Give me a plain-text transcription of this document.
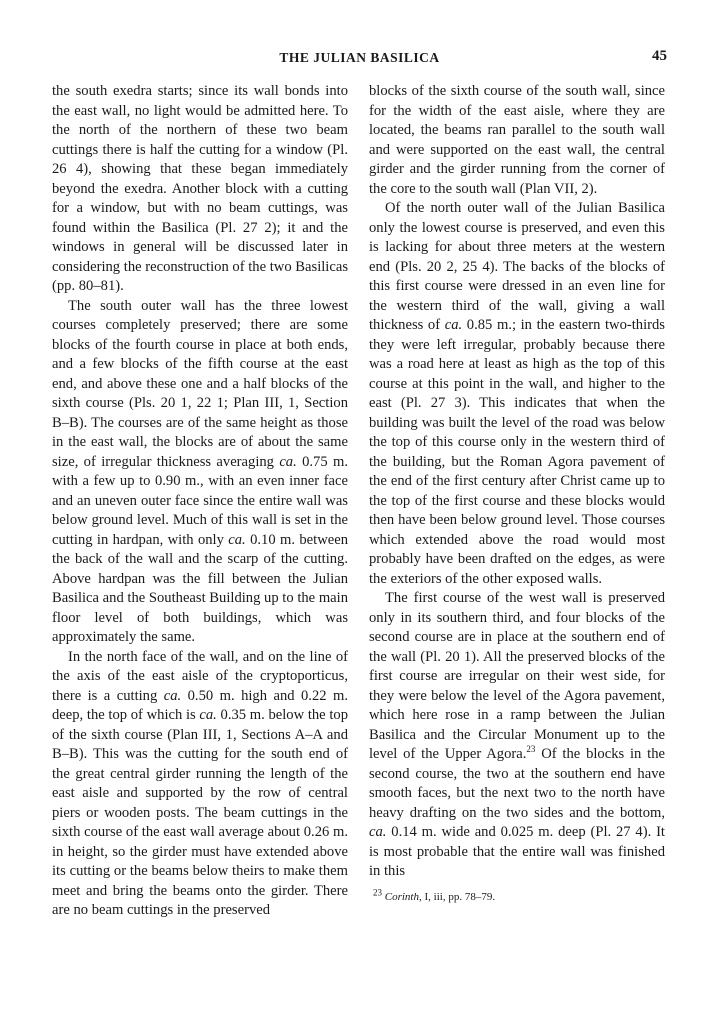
THE JULIAN BASILICA	45

the south exedra starts; since its wall bonds into the east wall, no light would be admitted here. To the north of the northern of these two beam cuttings there is half the cutting for a window (Pl. 26 4), showing that these began immediately beyond the exedra. Another block with a cutting for a window, but with no beam cuttings, was found within the Basilica (Pl. 27 2); it and the windows in general will be discussed later in considering the reconstruction of the two Basilicas (pp. 80–81).

The south outer wall has the three lowest courses completely preserved; there are some blocks of the fourth course in place at both ends, and a few blocks of the fifth course at the east end, and above these one and a half blocks of the sixth course (Pls. 20 1, 22 1; Plan III, 1, Section B–B). The courses are of the same height as those in the east wall, the blocks are of about the same size, of irregular thickness averaging ca. 0.75 m. with a few up to 0.90 m., with an even inner face and an uneven outer face since the entire wall was below ground level. Much of this wall is set in the cutting in hardpan, with only ca. 0.10 m. between the back of the wall and the scarp of the cutting. Above hardpan was the fill between the Julian Basilica and the Southeast Building up to the main floor level of both buildings, which was approximately the same.

In the north face of the wall, and on the line of the axis of the east aisle of the cryptoporticus, there is a cutting ca. 0.50 m. high and 0.22 m. deep, the top of which is ca. 0.35 m. below the top of the sixth course (Plan III, 1, Sections A–A and B–B). This was the cutting for the south end of the great central girder running the length of the east aisle and supported by the row of central piers or wooden posts. The beam cuttings in the sixth course of the east wall average about 0.26 m. in height, so the girder must have extended above its cutting or the beams below theirs to make them meet and bring the beams onto the girder. There are no beam cuttings in the preserved

blocks of the sixth course of the south wall, since for the width of the east aisle, where they are located, the beams ran parallel to the south wall and were supported on the east wall, the central girder and the girder running from the corner of the core to the south wall (Plan VII, 2).

Of the north outer wall of the Julian Basilica only the lowest course is preserved, and even this is lacking for about three meters at the western end (Pls. 20 2, 25 4). The backs of the blocks of this first course were dressed in an even line for the western third of the wall, giving a wall thickness of ca. 0.85 m.; in the eastern two-thirds they were left irregular, probably because there was a road here at least as high as the top of this course at this point in the wall, and higher to the east (Pl. 27 3). This indicates that when the building was built the level of the road was below the top of this course only in the western third of the building, but the Roman Agora pavement of the end of the first century after Christ came up to the top of the first course and these blocks would then have been below ground level. Those courses which extended above the road would most probably have been drafted on the edges, as were the exteriors of the other exposed walls.

The first course of the west wall is preserved only in its southern third, and four blocks of the second course are in place at the southern end of the wall (Pl. 20 1). All the preserved blocks of the first course are irregular on their west side, for they were below the level of the Agora pavement, which here rose in a ramp between the Julian Basilica and the Circular Monument up to the level of the Upper Agora.$^{23}$ Of the blocks in the second course, the two at the southern end have smooth faces, but the next two to the north have heavy drafting on the two sides and the bottom, ca. 0.14 m. wide and 0.025 m. deep (Pl. 27 4). It is most probable that the entire wall was finished in this

$^{23}$ Corinth, I, iii, pp. 78–79.
